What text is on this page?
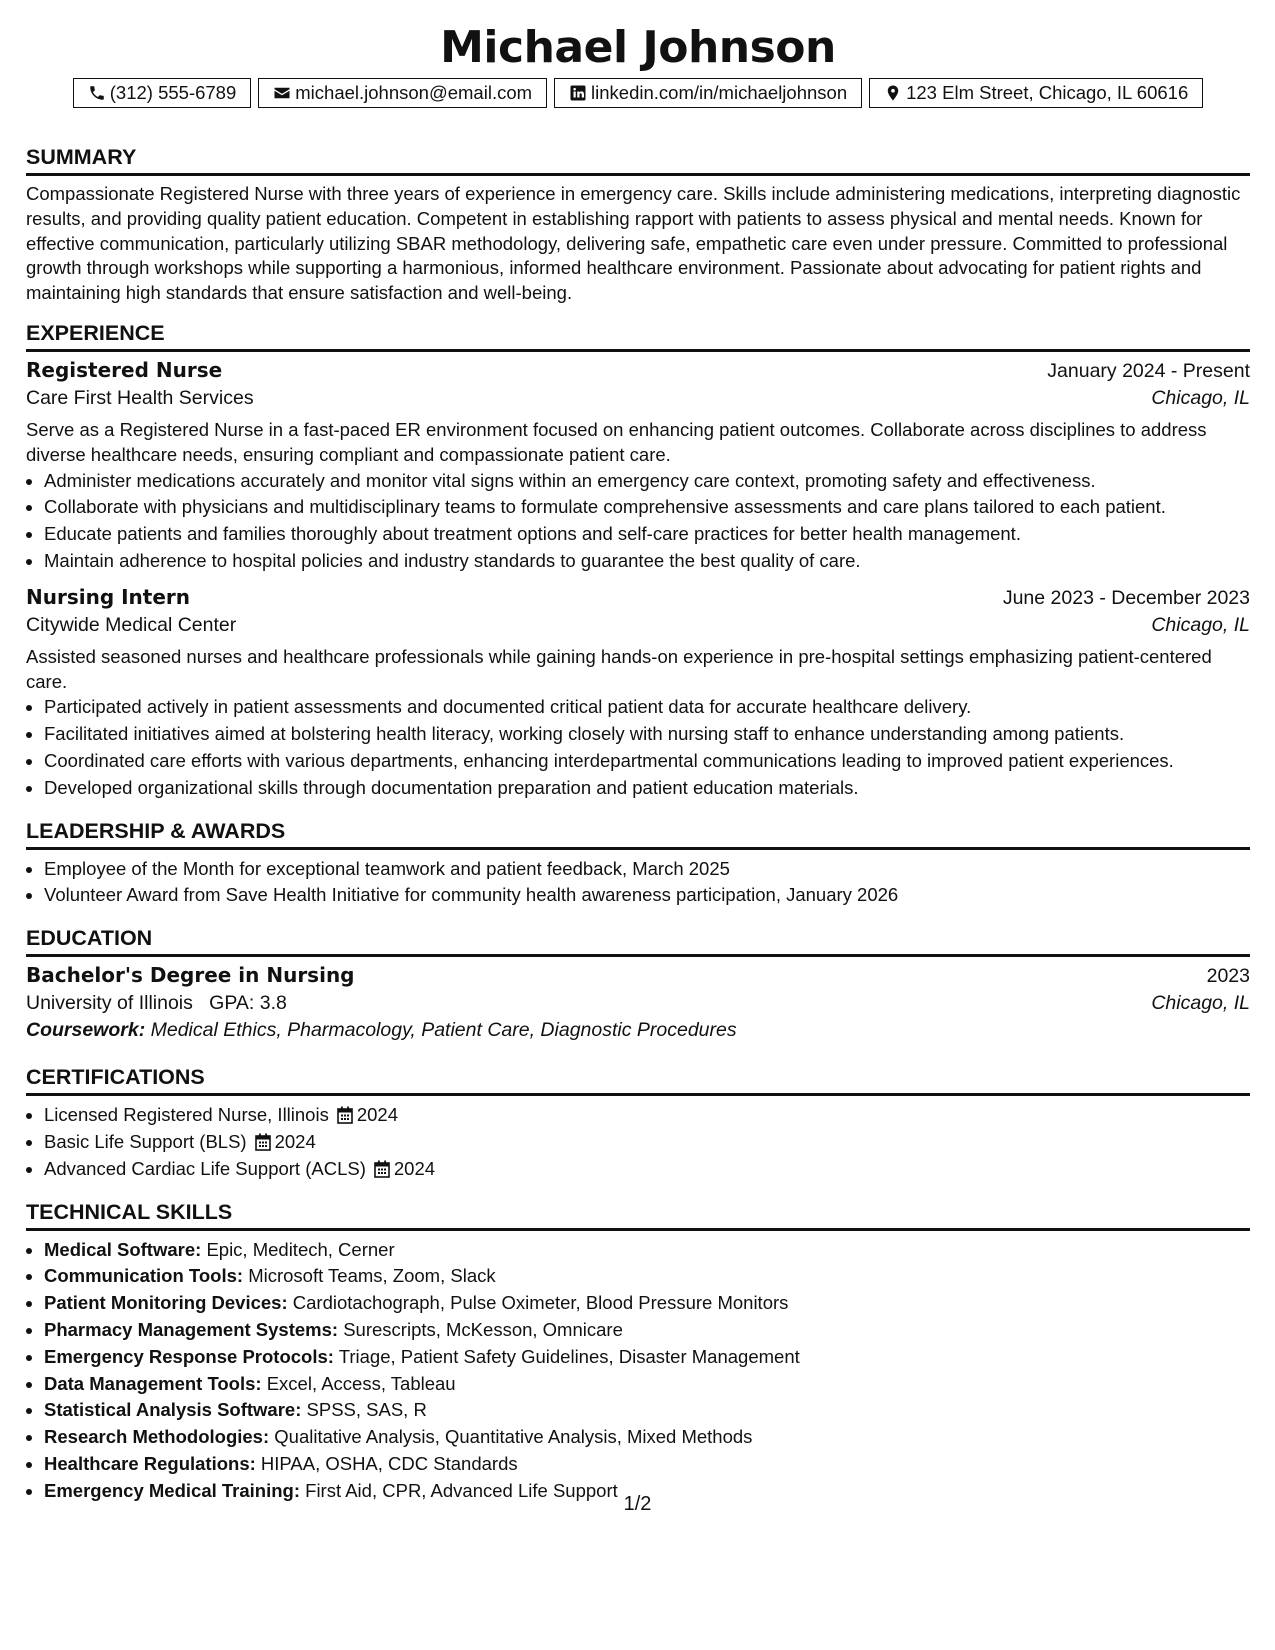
Michael Johnson
(312) 555-6789	michael.johnson@email.com	linkedin.com/in/michaeljohnson	123 Elm Street, Chicago, IL 60616
SUMMARY

Compassionate Registered Nurse with three years of experience in emergency care. Skills include administering medications, interpreting diagnostic results, and providing quality patient education. Competent in establishing rapport with patients to assess physical and mental needs. Known for effective communication, particularly utilizing SBAR methodology, delivering safe, empathetic care even under pressure. Committed to professional growth through workshops while supporting a harmonious, informed healthcare environment. Passionate about advocating for patient rights and maintaining high standards that ensure satisfaction and well-being.

EXPERIENCE
Registered Nurse	January 2024 - Present
Care First Health Services	Chicago, IL

Serve as a Registered Nurse in a fast-paced ER environment focused on enhancing patient outcomes. Collaborate across disciplines to address diverse healthcare needs, ensuring compliant and compassionate patient care.

• Administer medications accurately and monitor vital signs within an emergency care context, promoting safety and effectiveness.
• Collaborate with physicians and multidisciplinary teams to formulate comprehensive assessments and care plans tailored to each patient.
• Educate patients and families thoroughly about treatment options and self-care practices for better health management.
• Maintain adherence to hospital policies and industry standards to guarantee the best quality of care.
Nursing Intern	June 2023 - December 2023
Citywide Medical Center	Chicago, IL

Assisted seasoned nurses and healthcare professionals while gaining hands-on experience in pre-hospital settings emphasizing patient-centered care.

• Participated actively in patient assessments and documented critical patient data for accurate healthcare delivery.
• Facilitated initiatives aimed at bolstering health literacy, working closely with nursing staff to enhance understanding among patients.
• Coordinated care efforts with various departments, enhancing interdepartmental communications leading to improved patient experiences.
• Developed organizational skills through documentation preparation and patient education materials.
LEADERSHIP & AWARDS
• Employee of the Month for exceptional teamwork and patient feedback, March 2025
• Volunteer Award from Save Health Initiative for community health awareness participation, January 2026
EDUCATION
Bachelor's Degree in Nursing	2023
University of Illinois GPA: 3.8	Chicago, IL
Coursework: Medical Ethics, Pharmacology, Patient Care, Diagnostic Procedures
CERTIFICATIONS
• Licensed Registered Nurse, Illinois 2024
• Basic Life Support (BLS) 2024
• Advanced Cardiac Life Support (ACLS) 2024
TECHNICAL SKILLS
• Medical Software: Epic, Meditech, Cerner
• Communication Tools: Microsoft Teams, Zoom, Slack
• Patient Monitoring Devices: Cardiotachograph, Pulse Oximeter, Blood Pressure Monitors
• Pharmacy Management Systems: Surescripts, McKesson, Omnicare
• Emergency Response Protocols: Triage, Patient Safety Guidelines, Disaster Management
• Data Management Tools: Excel, Access, Tableau
• Statistical Analysis Software: SPSS, SAS, R
• Research Methodologies: Qualitative Analysis, Quantitative Analysis, Mixed Methods
• Healthcare Regulations: HIPAA, OSHA, CDC Standards
• Emergency Medical Training: First Aid, CPR, Advanced Life Support
1/2
